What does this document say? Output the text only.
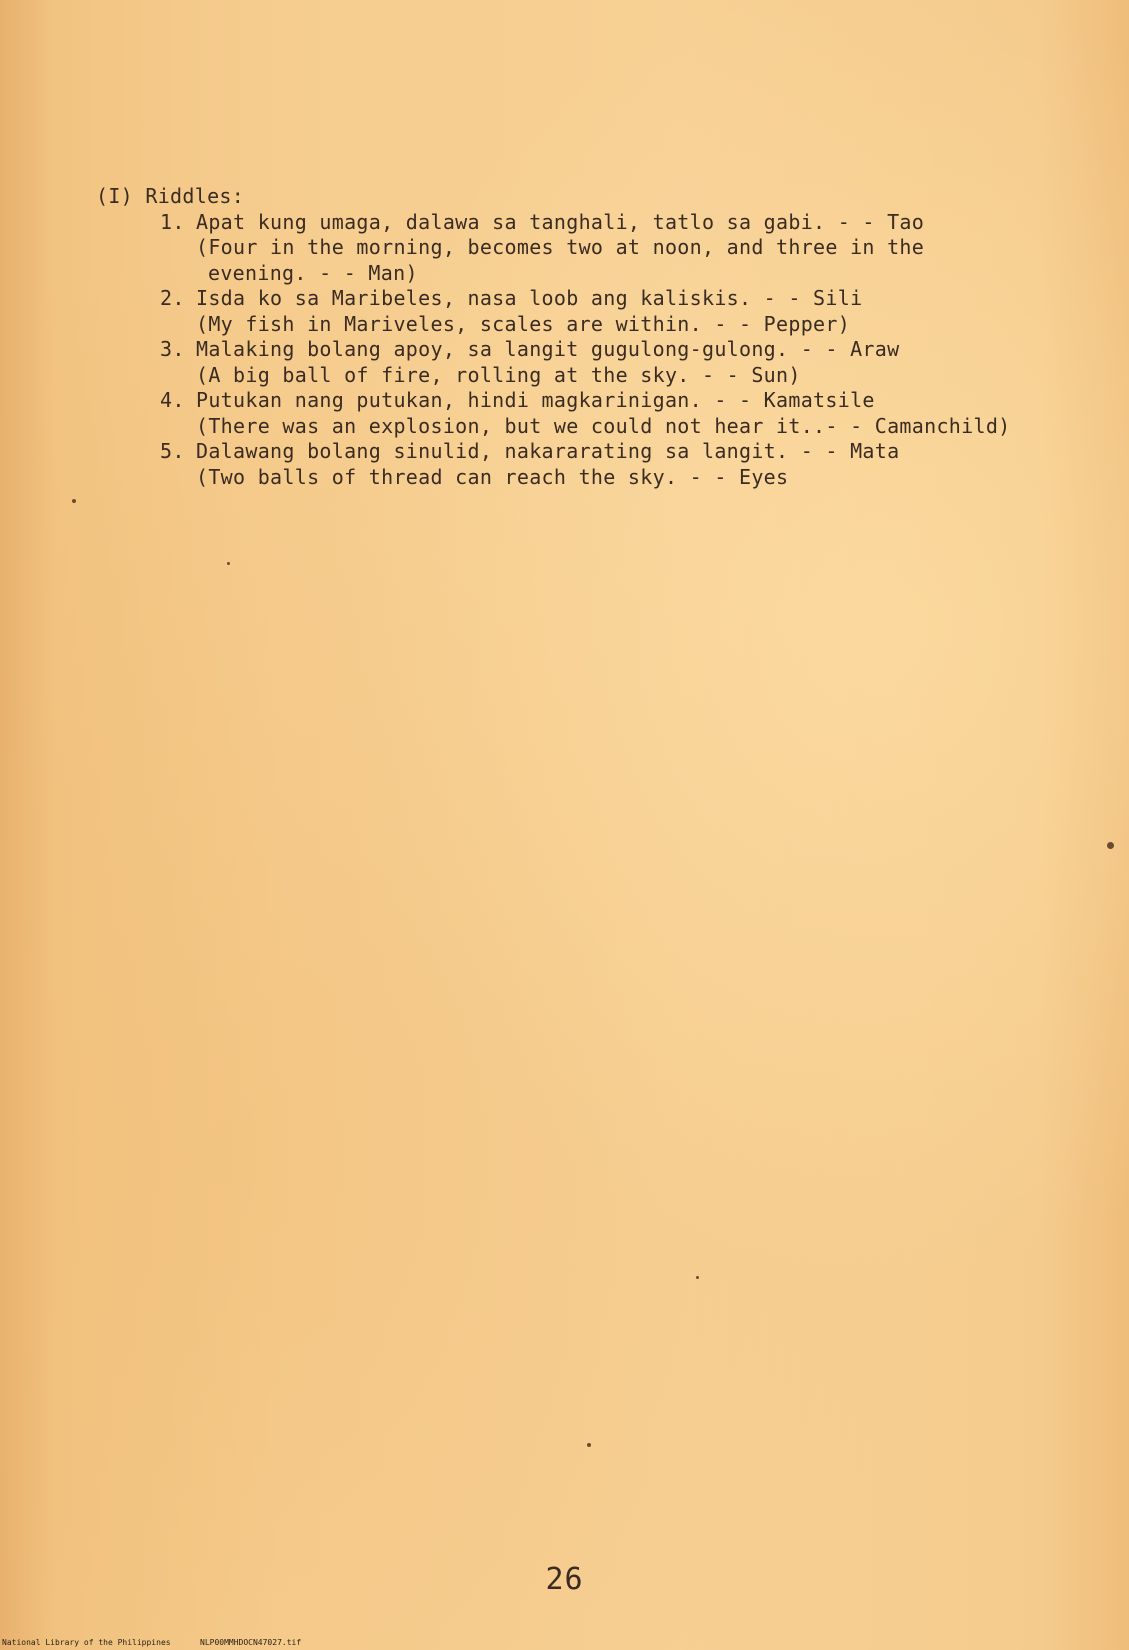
(I) Riddles:
1. Apat kung umaga, dalawa sa tanghali, tatlo sa gabi. - - Tao
(Four in the morning, becomes two at noon, and three in the
evening. - - Man)
2. Isda ko sa Maribeles, nasa loob ang kaliskis. - - Sili
(My fish in Mariveles, scales are within. - - Pepper)
3. Malaking bolang apoy, sa langit gugulong-gulong. - - Araw
(A big ball of fire, rolling at the sky. - - Sun)
4. Putukan nang putukan, hindi magkarinigan. - - Kamatsile
(There was an explosion, but we could not hear it..- - Camanchild)
5. Dalawang bolang sinulid, nakararating sa langit. - - Mata
(Two balls of thread can reach the sky. - - Eyes
26
National Library of the Philippines	NLP00MMHDOCN47027.tif
